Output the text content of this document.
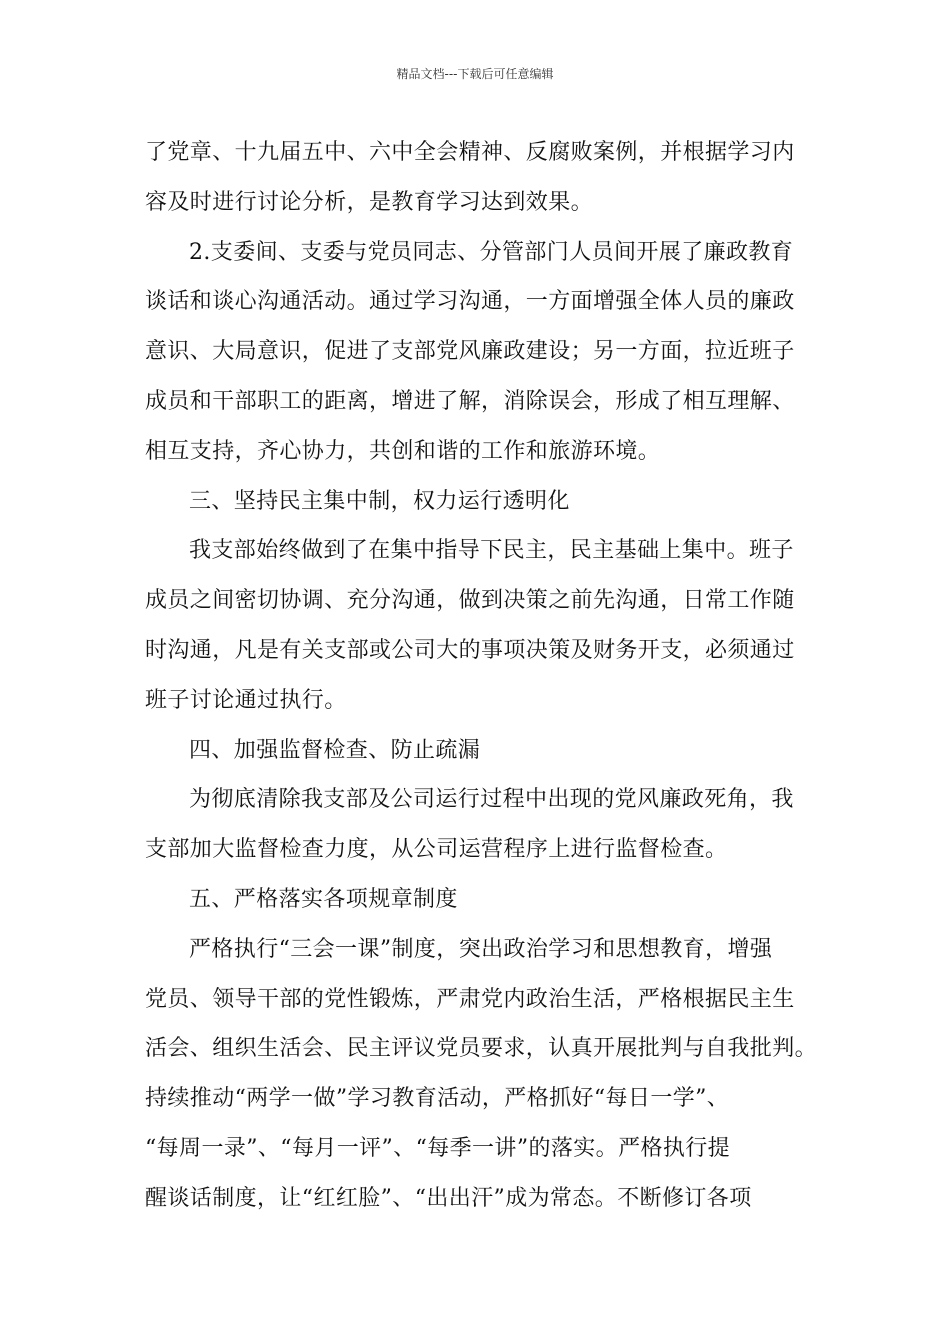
精品文档---下载后可任意编辑
了党章、十九届五中、六中全会精神、反腐败案例，并根据学习内
容及时进行讨论分析，是教育学习达到效果。
2.支委间、支委与党员同志、分管部门人员间开展了廉政教育
谈话和谈心沟通活动。通过学习沟通，一方面增强全体人员的廉政
意识、大局意识，促进了支部党风廉政建设；另一方面，拉近班子
成员和干部职工的距离，增进了解，消除误会，形成了相互理解、
相互支持，齐心协力，共创和谐的工作和旅游环境。
三、坚持民主集中制，权力运行透明化
我支部始终做到了在集中指导下民主，民主基础上集中。班子
成员之间密切协调、充分沟通，做到决策之前先沟通，日常工作随
时沟通，凡是有关支部或公司大的事项决策及财务开支，必须通过
班子讨论通过执行。
四、加强监督检查、防止疏漏
为彻底清除我支部及公司运行过程中出现的党风廉政死角，我
支部加大监督检查力度，从公司运营程序上进行监督检查。
五、严格落实各项规章制度
严格执行“三会一课”制度，突出政治学习和思想教育，增强
党员、领导干部的党性锻炼，严肃党内政治生活，严格根据民主生
活会、组织生活会、民主评议党员要求，认真开展批判与自我批判。
持续推动“两学一做”学习教育活动，严格抓好“每日一学”、
“每周一录”、“每月一评”、“每季一讲”的落实。严格执行提
醒谈话制度，让“红红脸”、“出出汗”成为常态。不断修订各项
